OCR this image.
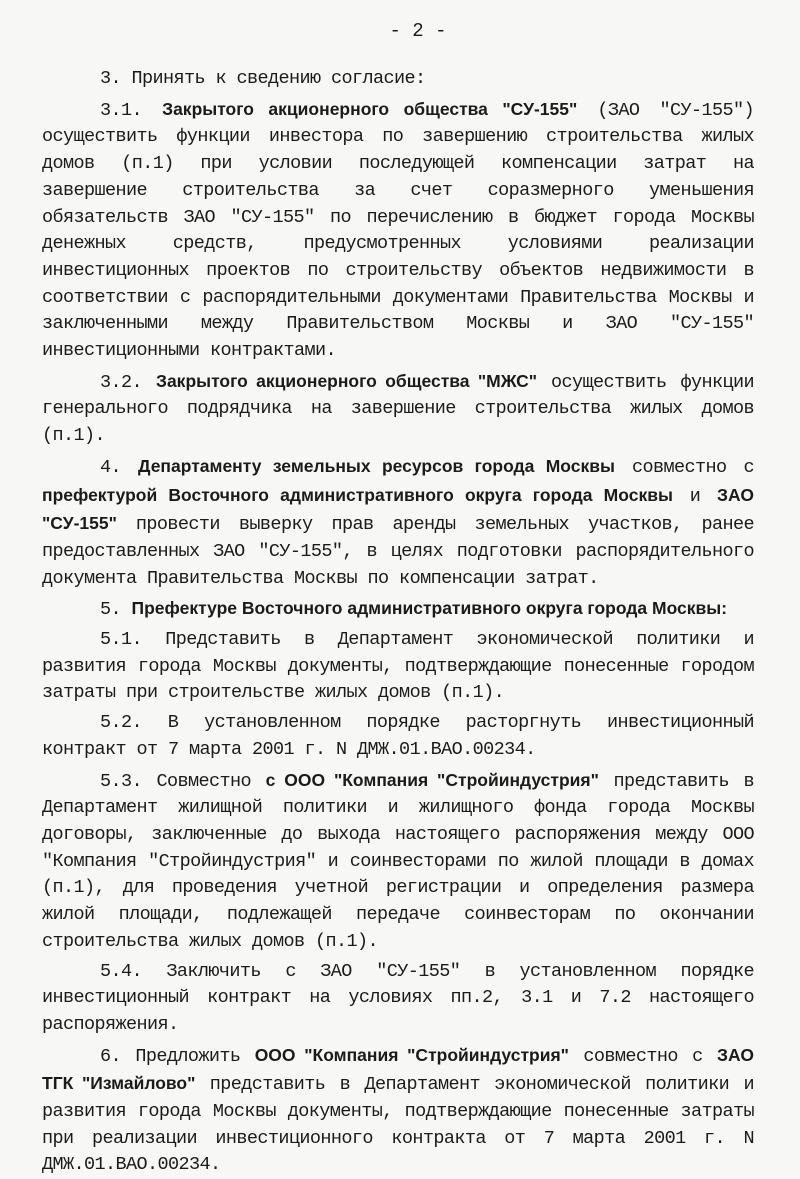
- 2 -

3. Принять к сведению согласие:

3.1. Закрытого акционерного общества "СУ-155" (ЗАО "СУ-155") осуществить функции инвестора по завершению строительства жилых домов (п.1) при условии последующей компенсации затрат на завершение строительства за счет соразмерного уменьшения обязательств ЗАО "СУ-155" по перечислению в бюджет города Москвы денежных средств, предусмотренных условиями реализации инвестиционных проектов по строительству объектов недвижимости в соответствии с распорядительными документами Правительства Москвы и заключенными между Правительством Москвы и ЗАО "СУ-155" инвестиционными контрактами.

3.2. Закрытого акционерного общества "МЖС" осуществить функции генерального подрядчика на завершение строительства жилых домов (п.1).

4. Департаменту земельных ресурсов города Москвы совместно с префектурой Восточного административного округа города Москвы и ЗАО "СУ-155" провести выверку прав аренды земельных участков, ранее предоставленных ЗАО "СУ-155", в целях подготовки распорядительного документа Правительства Москвы по компенсации затрат.

5. Префектуре Восточного административного округа города Москвы:

5.1. Представить в Департамент экономической политики и развития города Москвы документы, подтверждающие понесенные городом затраты при строительстве жилых домов (п.1).

5.2. В установленном порядке расторгнуть инвестиционный контракт от 7 марта 2001 г. N ДМЖ.01.ВАО.00234.

5.3. Совместно с ООО "Компания "Стройиндустрия" представить в Департамент жилищной политики и жилищного фонда города Москвы договоры, заключенные до выхода настоящего распоряжения между ООО "Компания "Стройиндустрия" и соинвесторами по жилой площади в домах (п.1), для проведения учетной регистрации и определения размера жилой площади, подлежащей передаче соинвесторам по окончании строительства жилых домов (п.1).

5.4. Заключить с ЗАО "СУ-155" в установленном порядке инвестиционный контракт на условиях пп.2, 3.1 и 7.2 настоящего распоряжения.

6. Предложить ООО "Компания "Стройиндустрия" совместно с ЗАО ТГК "Измайлово" представить в Департамент экономической политики и развития города Москвы документы, подтверждающие понесенные затраты при реализации инвестиционного контракта от 7 марта 2001 г. N ДМЖ.01.ВАО.00234.
